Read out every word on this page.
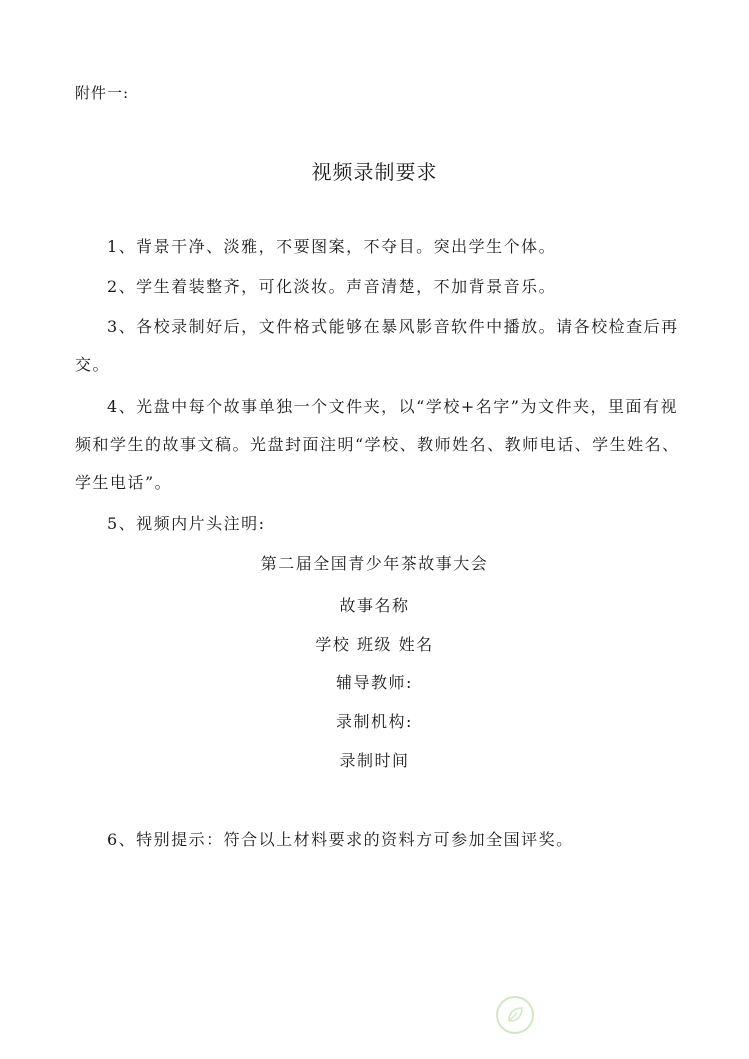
附件一:
视频录制要求
1、背景干净、淡雅，不要图案，不夺目。突出学生个体。
2、学生着装整齐，可化淡妆。声音清楚，不加背景音乐。
3、各校录制好后，文件格式能够在暴风影音软件中播放。请各校检查后再交。
4、光盘中每个故事单独一个文件夹，以“学校+名字”为文件夹，里面有视频和学生的故事文稿。光盘封面注明“学校、教师姓名、教师电话、学生姓名、学生电话”。
5、视频内片头注明:
第二届全国青少年茶故事大会
故事名称
学校 班级 姓名
辅导教师:
录制机构:
录制时间
6、特别提示：符合以上材料要求的资料方可参加全国评奖。
